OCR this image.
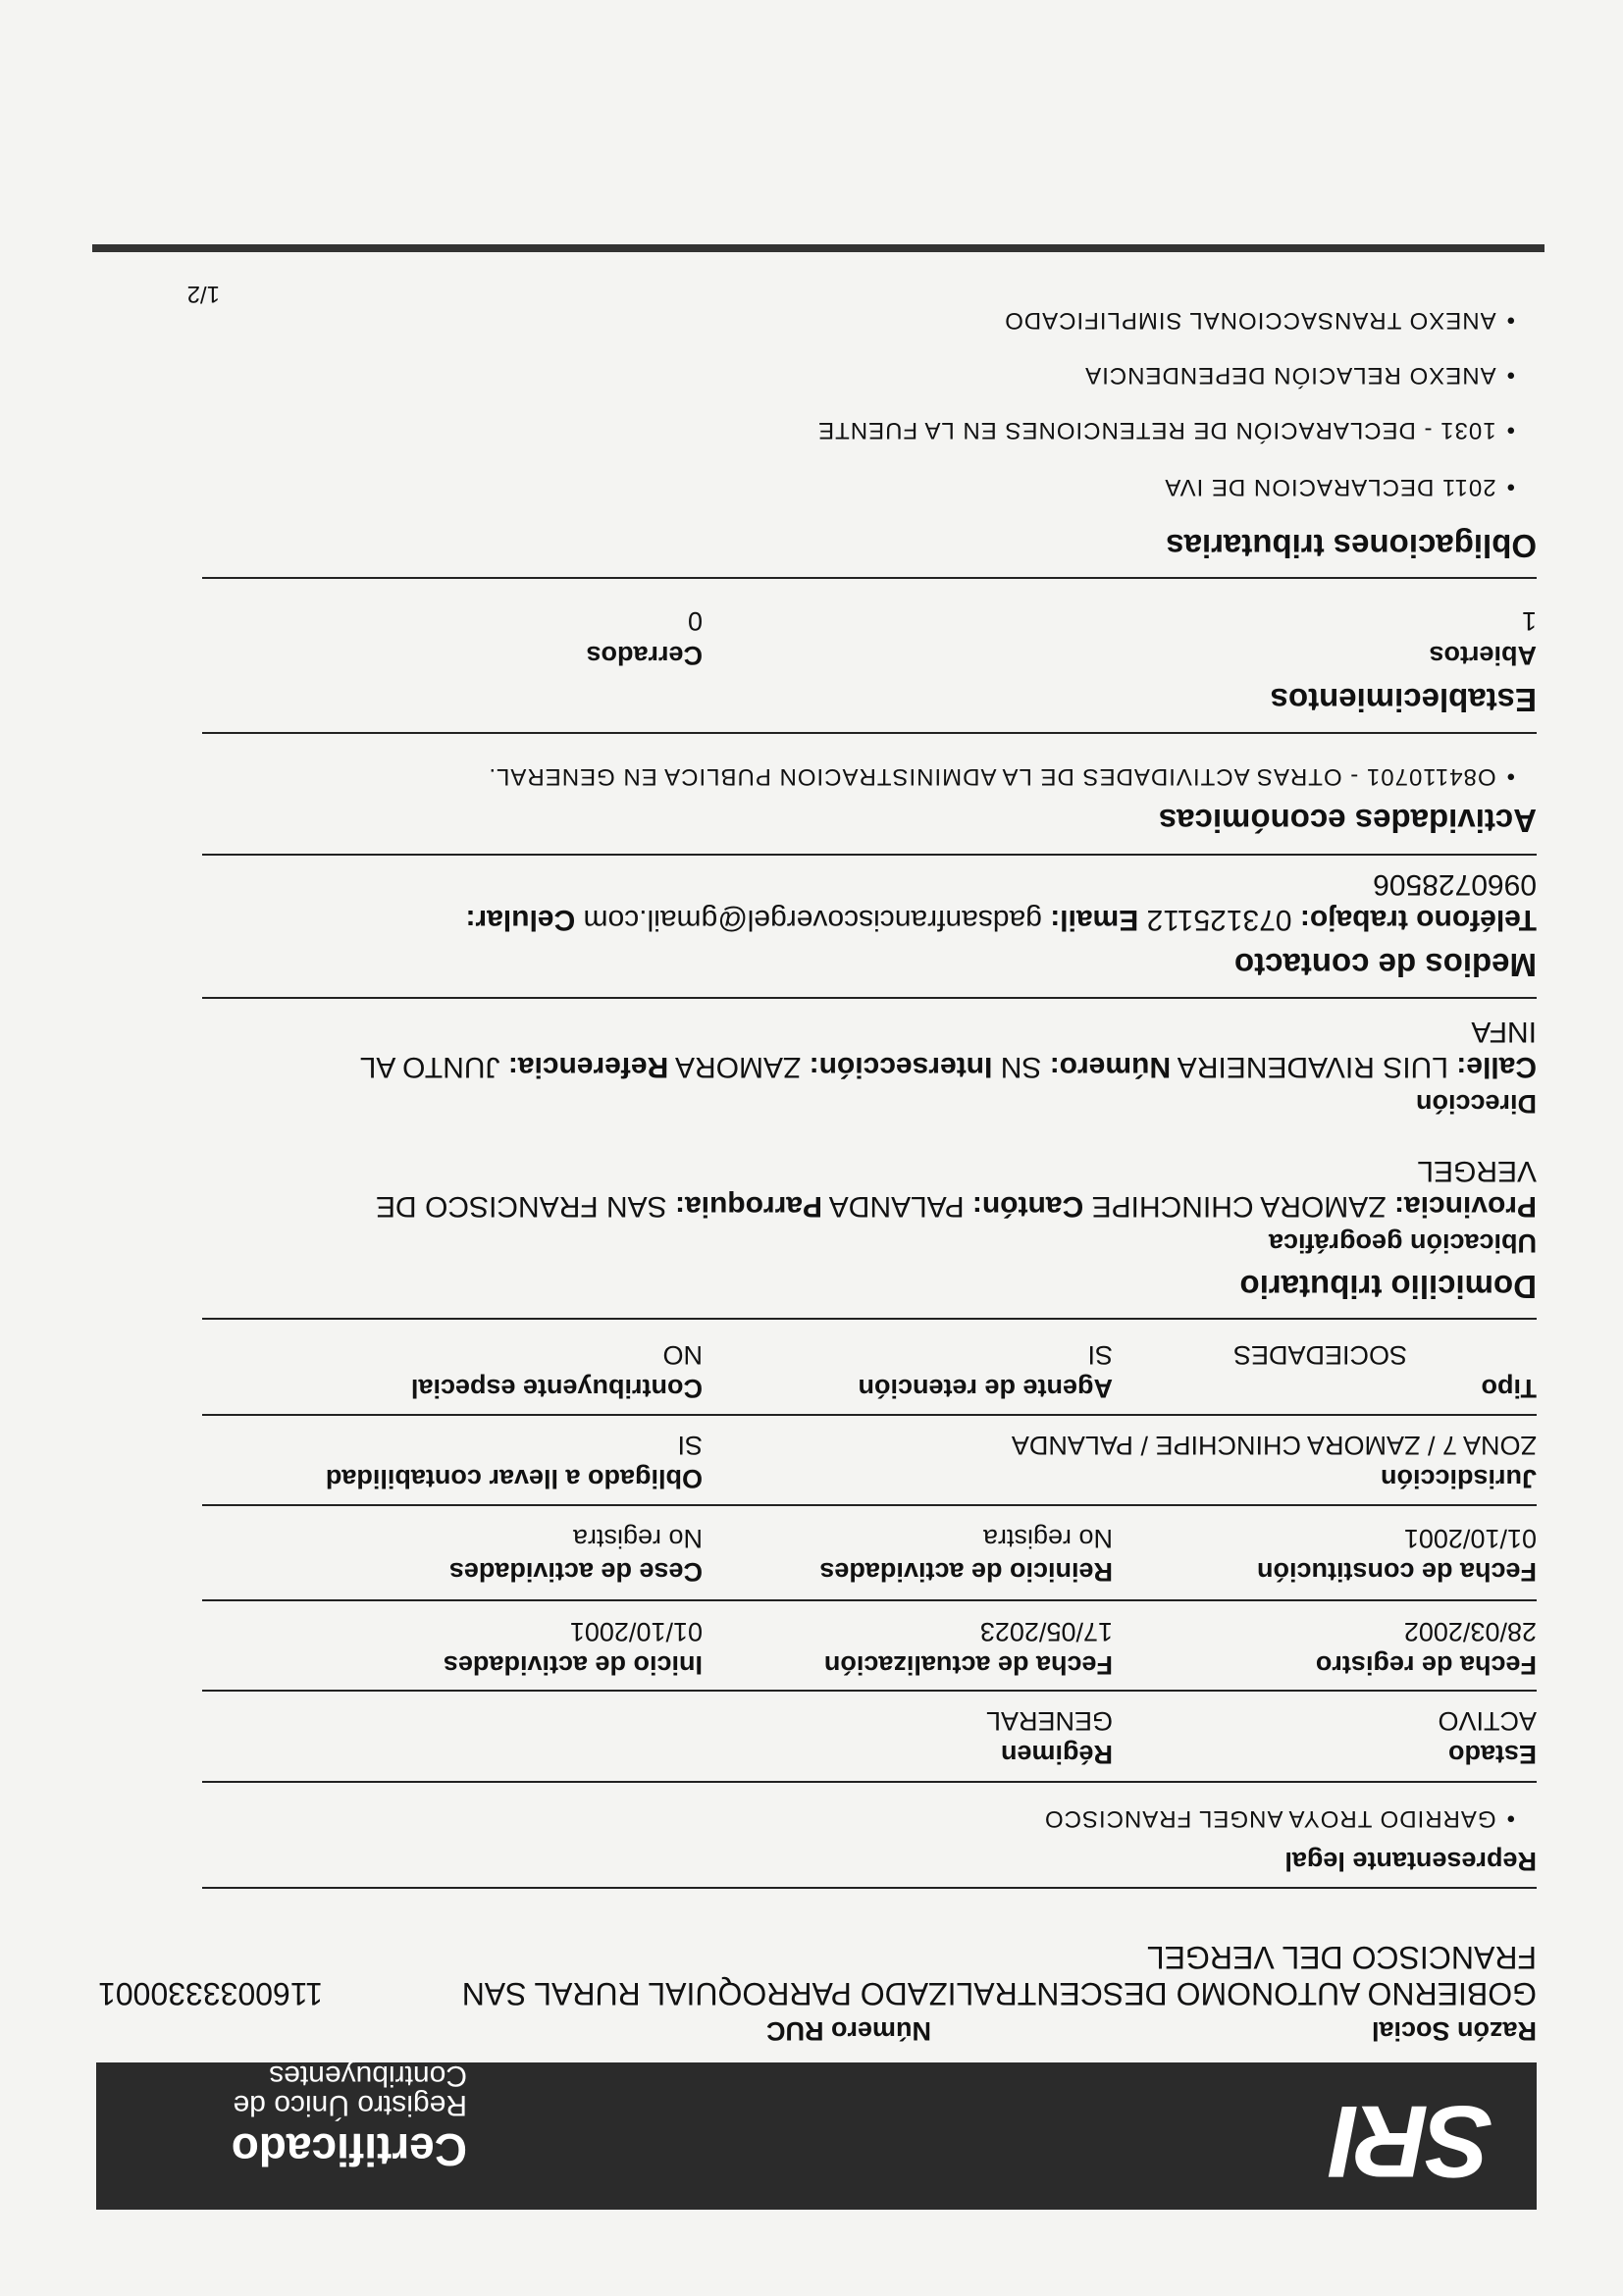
SRI
Certificado
Registro Único de Contribuyentes
Razón Social
Número RUC
GOBIERNO AUTONOMO DESCENTRALIZADO PARROQUIAL RURAL SAN FRANCISCO DEL VERGEL
1160033330001
Representante legal
• GARRIDO TROYA ANGEL FRANCISCO
Estado
Régimen
ACTIVO
GENERAL
Fecha de registro
Fecha de actualización
Inicio de actividades
28/03/2002
17/05/2023
01/10/2001
Fecha de constitución
Reinicio de actividades
Cese de actividades
01/10/2001
No registra
No registra
Jurisdicción
Obligado a llevar contabilidad
ZONA 7 / ZAMORA CHINCHIPE / PALANDA
SI
Tipo
Agente de retención
Contribuyente especial
SOCIEDADES
SI
NO
Domicilio tributario
Ubicación geográfica
Provincia: ZAMORA CHINCHIPE Cantón: PALANDA Parroquia: SAN FRANCISCO DE VERGEL
Dirección
Calle: LUIS RIVADENEIRA Número: SN Intersección: ZAMORA Referencia: JUNTO AL INFA
Medios de contacto
Teléfono trabajo: 073125112 Email: gadsanfranciscovergel@gmail.com Celular: 0960728506
Actividades económicas
• O84110701 - OTRAS ACTIVIDADES DE LA ADMINISTRACION PUBLICA EN GENERAL.
Establecimientos
Abiertos
Cerrados
1
0
Obligaciones tributarias
• 2011 DECLARACION DE IVA
• 1031 - DECLARACIÓN DE RETENCIONES EN LA FUENTE
• ANEXO RELACIÓN DEPENDENCIA
• ANEXO TRANSACCIONAL SIMPLIFICADO
1/2
